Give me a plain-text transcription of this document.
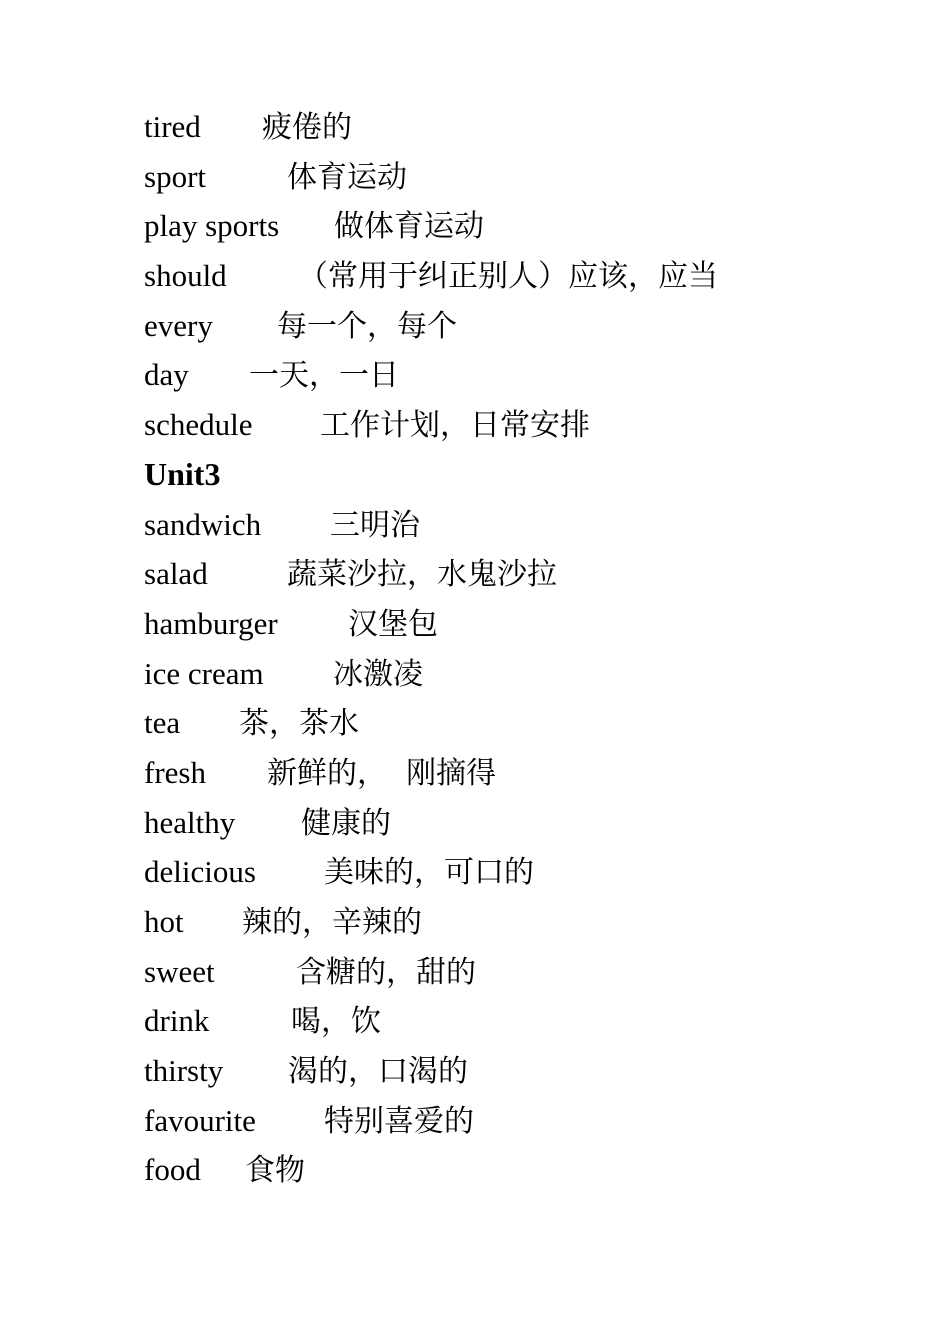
tired 疲倦的
sport	体育运动
play sports 做体育运动
should （常用于纠正别人）应该，应当
every 每一个，每个
day 一天，一日
schedule 工作计划，日常安排
Unit3
sandwich 三明治
salad	蔬菜沙拉，水鬼沙拉
hamburger 汉堡包
ice cream 冰激凌
tea 茶，茶水
fresh 新鲜的，  刚摘得
healthy 健康的
delicious 美味的，可口的
hot 辣的，辛辣的
sweet	含糖的，甜的
drink	喝，饮
thirsty 渴的，口渴的
favourite 特别喜爱的
food 食物
